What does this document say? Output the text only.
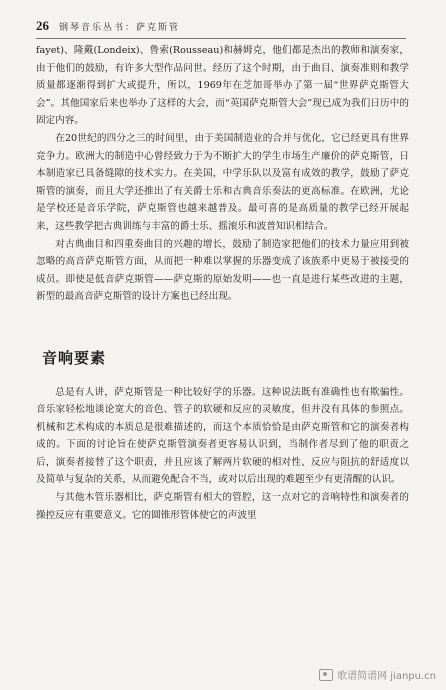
26 钢琴音乐丛书：萨克斯管

fayet)、隆戴(Londeix)、鲁索(Rousseau)和赫姆克，他们都是杰出的教师和演奏家，由于他们的鼓励，有许多大型作品问世。经历了这个时期，由于曲目、演奏准则和教学质量都逐渐得到扩大或提升，所以，1969年在芝加哥举办了第一届“世界萨克斯管大会”。其他国家后来也举办了这样的大会，而“英国萨克斯管大会”现已成为我们日历中的固定内容。

在20世纪的四分之三的时间里，由于美国制造业的合并与优化，它已经更具有世界竞争力。欧洲大的制造中心曾经致力于为不断扩大的学生市场生产廉价的萨克斯管，日本制造家已具备缝隙的技术实力。在美国，中学乐队以及富有成效的教学，鼓励了萨克斯管的演奏，而且大学还推出了有关爵士乐和古典音乐奏法的更高标准。在欧洲，尤论是学校还是音乐学院，萨克斯管也越来越普及。最可喜的是高质量的教学已经开展起来，这些教学把古典训练与丰富的爵士乐、摇滚乐和波普知识相结合。

对古典曲目和四重奏曲目的兴趣的增长，鼓励了制造家把他们的技术力量应用到被忽略的高音萨克斯管方面，从而把一种难以掌握的乐器变成了该族系中更易于被接受的成员。即使是低音萨克斯管——萨克斯的原始发明——也一直是进行某些改进的主题，新型的最高音萨克斯管的设计方案也已经出现。

音响要素

总是有人讲，萨克斯管是一种比较好学的乐器。这种说法既有准确性也有欺骗性。音乐家轻松地谈论宽大的音色、管子的软硬和反应的灵敏度，但并没有具体的参照点。机械和艺术构成的本质总是很难描述的，而这个本质恰恰是由萨克斯管和它的演奏者构成的。下面的讨论旨在使萨克斯管演奏者更容易认识到，当制作者尽到了他的职责之后，演奏者接替了这个职责，并且应该了解两片软硬的相对性、反应与阻抗的舒适度以及简单与复杂的关系，从而避免配合不当，或对以后出现的难题至少有更清醒的认识。

与其他木管乐器相比，萨克斯管有相大的管腔，这一点对它的音响特性和演奏者的操控反应有重要意义。它的圆锥形管体使它的声波里

歌谱简谱网 jianpu.cn
